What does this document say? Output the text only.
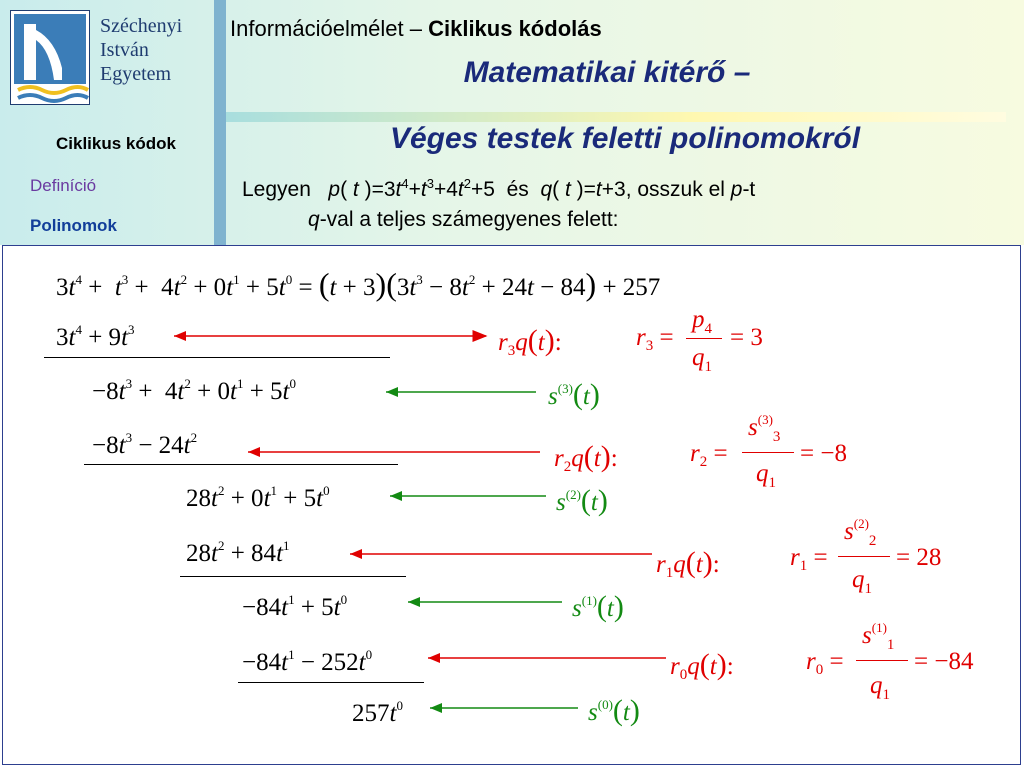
Széchenyi
István
Egyetem
Ciklikus kódok
Definíció
Polinomok
Információelmélet – Ciklikus kódolás
Matematikai kitérő –
Véges testek feletti polinomokról
Legyen   p( t )$=3t^4+t^3+4t^2+5$  és  q( t )=t+3, osszuk el p-t
q-val a teljes számegyenes felett:
$3t^4 + t^3 + 4t^2 + 0t^1 + 5t^0 = (t + 3)(3t^3 - 8t^2 + 24t - 84) + 257$
$3t^4 + 9t^3$
$-8t^3 + 4t^2 + 0t^1 + 5t^0$
$-8t^3 - 24t^2$
$28t^2 + 0t^1 + 5t^0$
$28t^2 + 84t^1$
$-84t^1 + 5t^0$
$-84t^1 - 252t^0$
$257t^0$
$r_3q(t)$:
$r_2q(t)$:
$r_1q(t)$:
$r_0q(t)$:
$s^{(3)}(t)$
$s^{(2)}(t)$
$s^{(1)}(t)$
$s^{(0)}(t)$
$r_3$ =
$p_4$
$q_1$
= 3
$r_2$ =
$s^{(3)}_3$
$q_1$
= −8
$r_1$ =
$s^{(2)}_2$
$q_1$
= 28
$r_0$ =
$s^{(1)}_1$
$q_1$
= −84
